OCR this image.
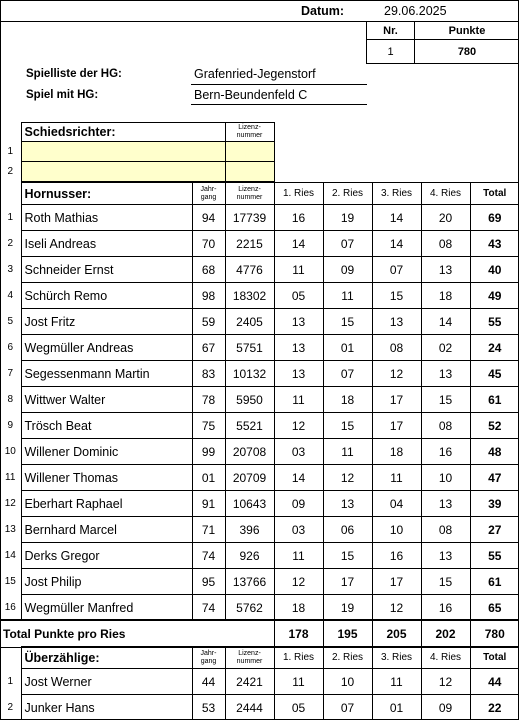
Datum:	29.06.2025
Nr.	Punkte
1	780
Spielliste der HG:	Grafenried-Jegenstorf
Spiel mit HG:	Bern-Beundenfeld C
	Schiedsrichter:	Lizenz-nummer
1		
2		
	Hornusser:	Jahr-gang	Lizenz-nummer	1. Ries	2. Ries	3. Ries	4. Ries	Total
1	Roth Mathias	94	17739	16	19	14	20	69
2	Iseli Andreas	70	2215	14	07	14	08	43
3	Schneider Ernst	68	4776	11	09	07	13	40
4	Schürch Remo	98	18302	05	11	15	18	49
5	Jost Fritz	59	2405	13	15	13	14	55
6	Wegmüller Andreas	67	5751	13	01	08	02	24
7	Segessenmann Martin	83	10132	13	07	12	13	45
8	Wittwer Walter	78	5950	11	18	17	15	61
9	Trösch Beat	75	5521	12	15	17	08	52
10	Willener Dominic	99	20708	03	11	18	16	48
11	Willener Thomas	01	20709	14	12	11	10	47
12	Eberhart Raphael	91	10643	09	13	04	13	39
13	Bernhard Marcel	71	396	03	06	10	08	27
14	Derks Gregor	74	926	11	15	16	13	55
15	Jost Philip	95	13766	12	17	17	15	61
16	Wegmüller Manfred	74	5762	18	19	12	16	65
Total Punkte pro Ries	178	195	205	202	780
	Überzählige:	Jahr-gang	Lizenz-nummer	1. Ries	2. Ries	3. Ries	4. Ries	Total
1	Jost Werner	44	2421	11	10	11	12	44
2	Junker Hans	53	2444	05	07	01	09	22
